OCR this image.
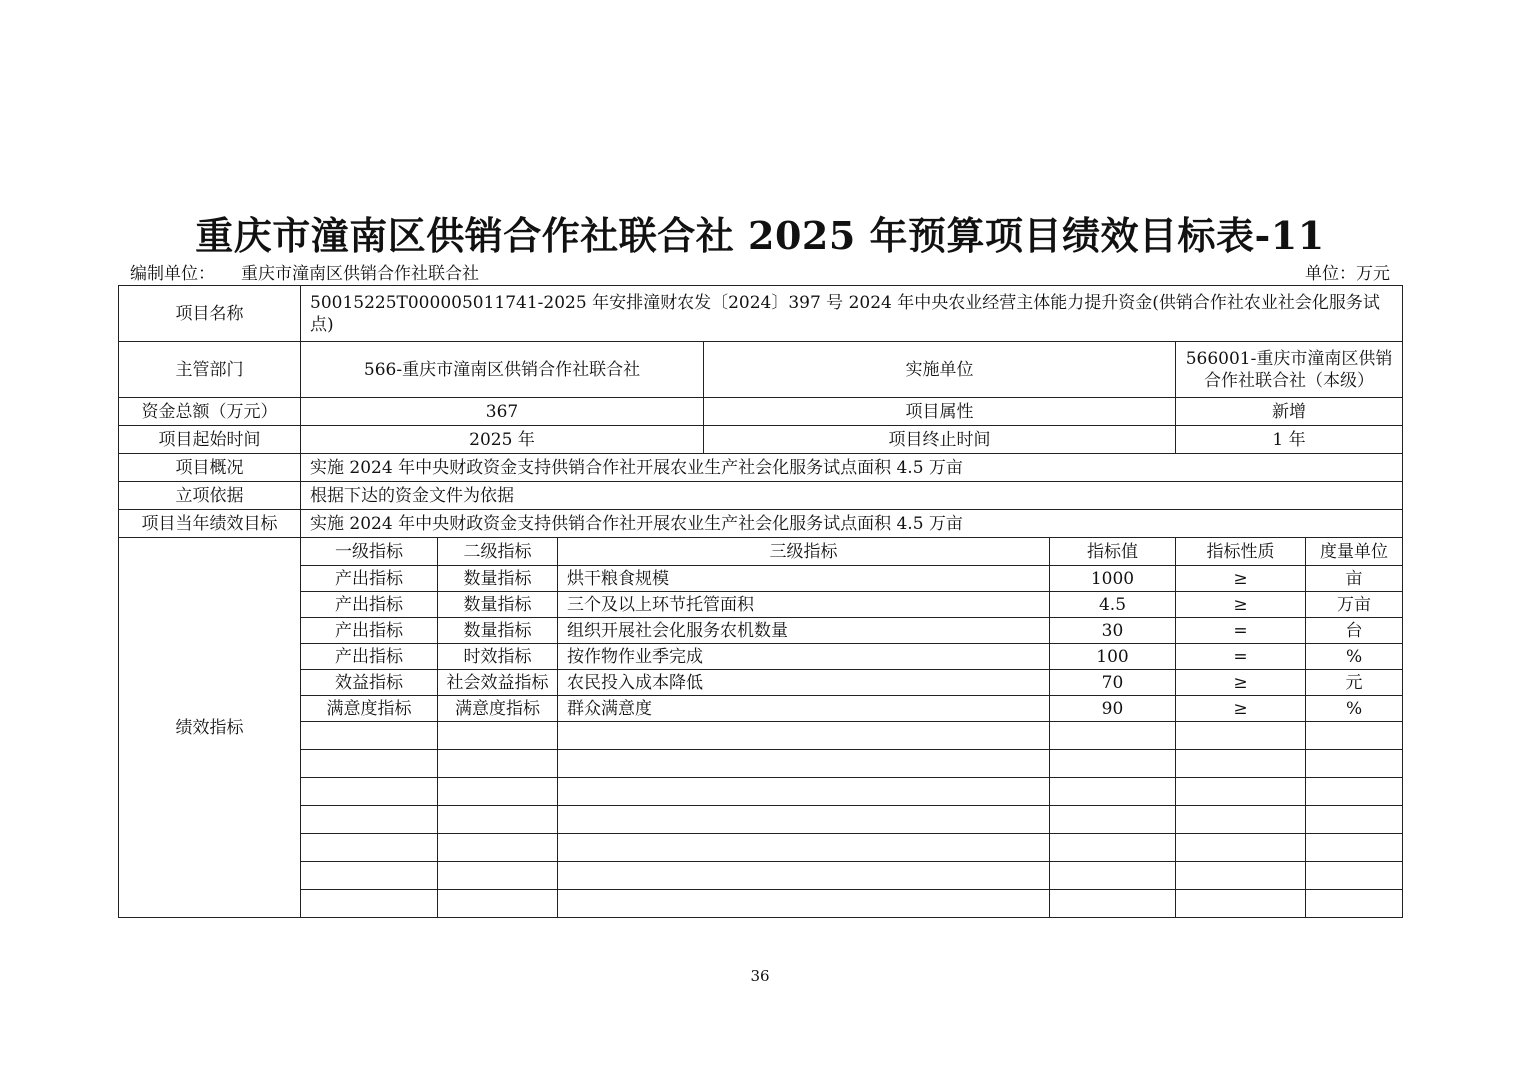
重庆市潼南区供销合作社联合社 2025 年预算项目绩效目标表-11
编制单位： 重庆市潼南区供销合作社联合社	单位：万元
项目名称	50015225T000005011741-2025 年安排潼财农发〔2024〕397 号 2024 年中央农业经营主体能力提升资金(供销合作社农业社会化服务试点)						
主管部门	566-重庆市潼南区供销合作社联合社			实施单位		566001-重庆市潼南区供销合作社联合社（本级）	
资金总额（万元）	367			项目属性		新增	
项目起始时间	2025 年			项目终止时间		1 年	
项目概况	实施 2024 年中央财政资金支持供销合作社开展农业生产社会化服务试点面积 4.5 万亩						
立项依据	根据下达的资金文件为依据						
项目当年绩效目标	实施 2024 年中央财政资金支持供销合作社开展农业生产社会化服务试点面积 4.5 万亩						
绩效指标	一级指标	二级指标	三级指标		指标值	指标性质	度量单位
	产出指标	数量指标	烘干粮食规模		1000	≥	亩
	产出指标	数量指标	三个及以上环节托管面积		4.5	≥	万亩
	产出指标	数量指标	组织开展社会化服务农机数量		30	=	台
	产出指标	时效指标	按作物作业季完成		100	=	%
	效益指标	社会效益指标	农民投入成本降低		70	≥	元
	满意度指标	满意度指标	群众满意度		90	≥	%

36
